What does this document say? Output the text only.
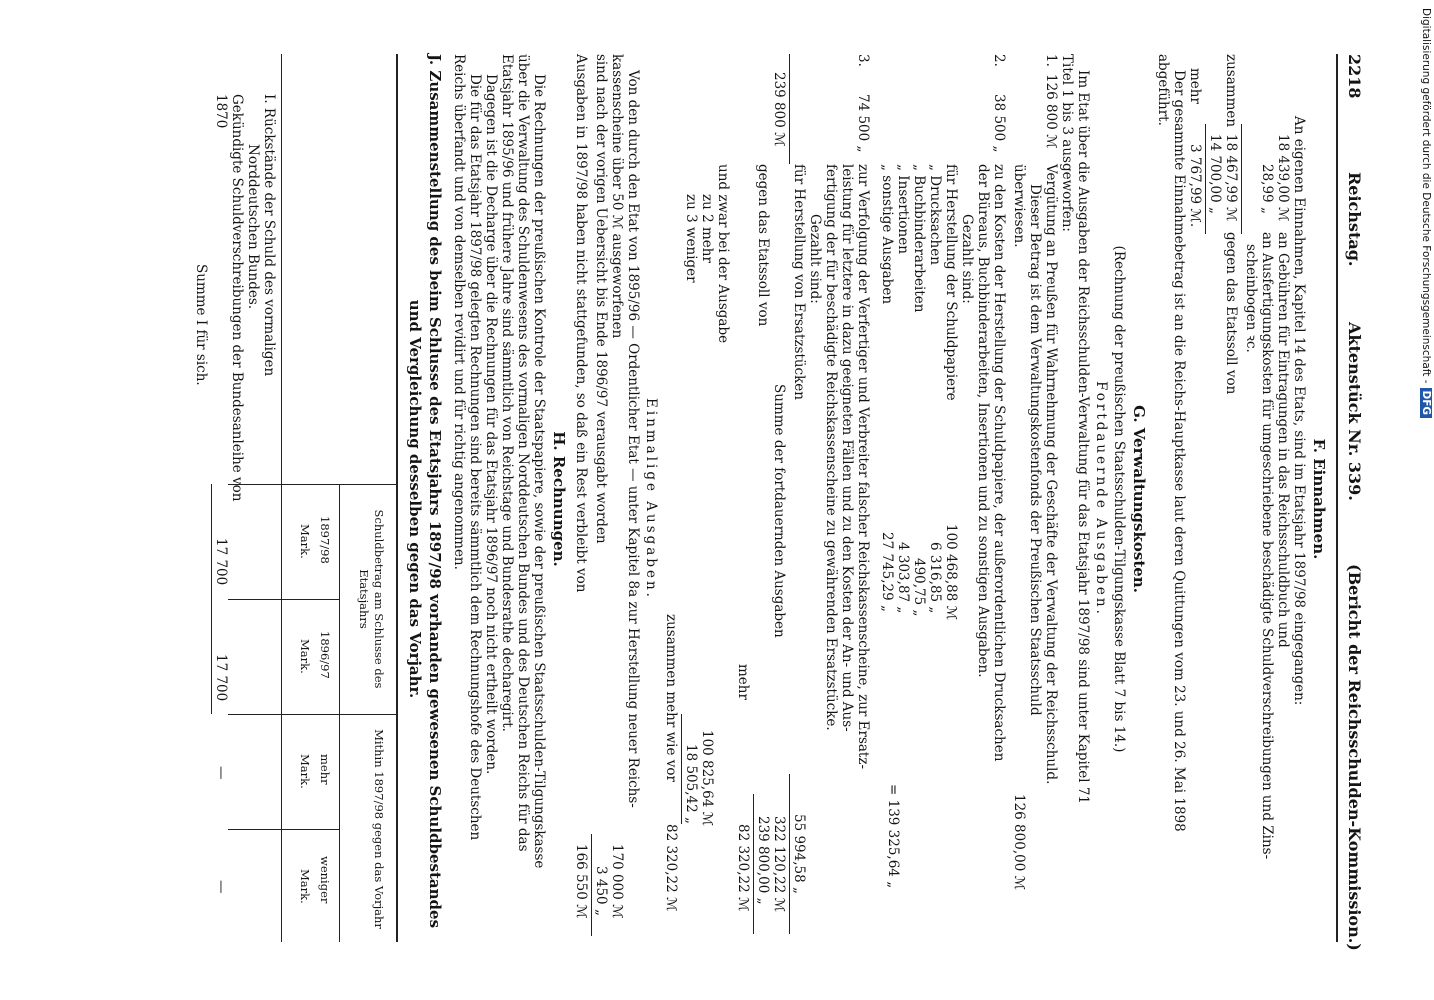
2218
Reichstag.
Aktenstück Nr. 339.
(Bericht der Reichsschulden-Kommission.)
F. Einnahmen.
An eigenen Einnahmen, Kapitel 14 des Etats, sind im Etatsjahr 1897/98 eingegangen:
18 439,00 ℳ
an Gebühren für Eintragungen in das Reichsschuldbuch und
28,99 „
an Ausfertigungskosten für umgeschriebene beschädigte Schuldverschreibungen und Zins-
scheinbogen ꝛc.
zusammen
18 467,99 ℳ
gegen das Etatssoll von
14 700,00 „
mehr
3 767,99 ℳ.
Der gesammte Einnahmebetrag ist an die Reichs-Hauptkasse laut deren Quittungen vom 23. und 26. Mai 1898
abgeführt.
G. Verwaltungskosten.
(Rechnung der preußischen Staatsschulden-Tilgungskasse Blatt 7 bis 14.)
Fortdauernde Ausgaben.
Im Etat über die Ausgaben der Reichsschulden-Verwaltung für das Etatsjahr 1897/98 sind unter Kapitel 71
Titel 1 bis 3 ausgeworfen:
1.
126 800 ℳ
Vergütung an Preußen für Wahrnehmung der Geschäfte der Verwaltung der Reichsschuld.
Dieser Betrag ist dem Verwaltungskostenfonds der Preußischen Staatsschuld
überwiesen.
126 800,00 ℳ
2.
38 500 „
zu den Kosten der Herstellung der Schuldpapiere, der außerordentlichen Drucksachen
der Büreaus, Buchbinderarbeiten, Insertionen und zu sonstigen Ausgaben.
Gezahlt sind:
für Herstellung der Schuldpapiere
100 468,88 ℳ
„ Drucksachen
6 316,85 „
„ Buchbinderarbeiten
490,75 „
„ Insertionen
4 303,87 „
„ sonstige Ausgaben
27 745,29 „
= 139 325,64 „
3.
74 500 „
zur Verfolgung der Verfertiger und Verbreiter falscher Reichskassenscheine, zur Ersatz-
leistung für letztere in dazu geeigneten Fällen und zu den Kosten der An- und Aus-
fertigung der für beschädigte Reichskassenscheine zu gewährenden Ersatzstücke.
Gezahlt sind:
für Herstellung von Ersatzstücken
55 994,58 „
239 800 ℳ
Summe der fortdauernden Ausgaben
322 120,22 ℳ
gegen das Etatssoll von
239 800,00 „
mehr
82 320,22 ℳ
und zwar bei der Ausgabe
zu 2 mehr
100 825,64 ℳ
zu 3 weniger
18 505,42 „
zusammen mehr wie vor
82 320,22 ℳ
Einmalige Ausgaben.
Von den durch den Etat von 1895/96 — Ordentlicher Etat — unter Kapitel 8a zur Herstellung neuer Reichs-
kassenscheine über 50 ℳ ausgeworfenen
170 000 ℳ
sind nach der vorigen Uebersicht bis Ende 1896/97 verausgabt worden
3 450 „
Ausgaben in 1897/98 haben nicht stattgefunden, so daß ein Rest verbleibt von
166 550 ℳ
H. Rechnungen.
Die Rechnungen der preußischen Kontrole der Staatspapiere, sowie der preußischen Staatsschulden-Tilgungskasse
über die Verwaltung des Schuldenwesens des vormaligen Norddeutschen Bundes und des Deutschen Reichs für das
Etatsjahr 1895/96 und frühere Jahre sind sämmtlich von Reichstage und Bundesrathe decharegirt.
Dagegen ist die Decharge über die Rechnungen für das Etatsjahr 1896/97 noch nicht ertheilt worden.
Die für das Etatsjahr 1897/98 gelegten Rechnungen sind bereits sämmtlich dem Rechnungshofe des Deutschen
Reichs überfandt und von demselben revidirt und für richtig angenommen.
J. Zusammenstellung des beim Schlusse des Etatsjahrs 1897/98 vorhanden gewesenen Schuldbestandes
und Vergleichung desselben gegen das Vorjahr.
Schuldbetrag am Schlusse des Etatsjahrs
Mithin 1897/98 gegen das Vorjahr
1897/98
Mark.
1896/97
Mark.
mehr
Mark.
weniger
Mark.
I. Rückstände der Schuld des vormaligen
Norddeutschen Bundes.
Gekündigte Schuldverschreibungen der Bundesanleihe von
1870
17 700
17 700
—
—
Summe I für sich.	Digitalisierung gefördert durch die Deutsche Forschungsgemeinschaft -DFG
